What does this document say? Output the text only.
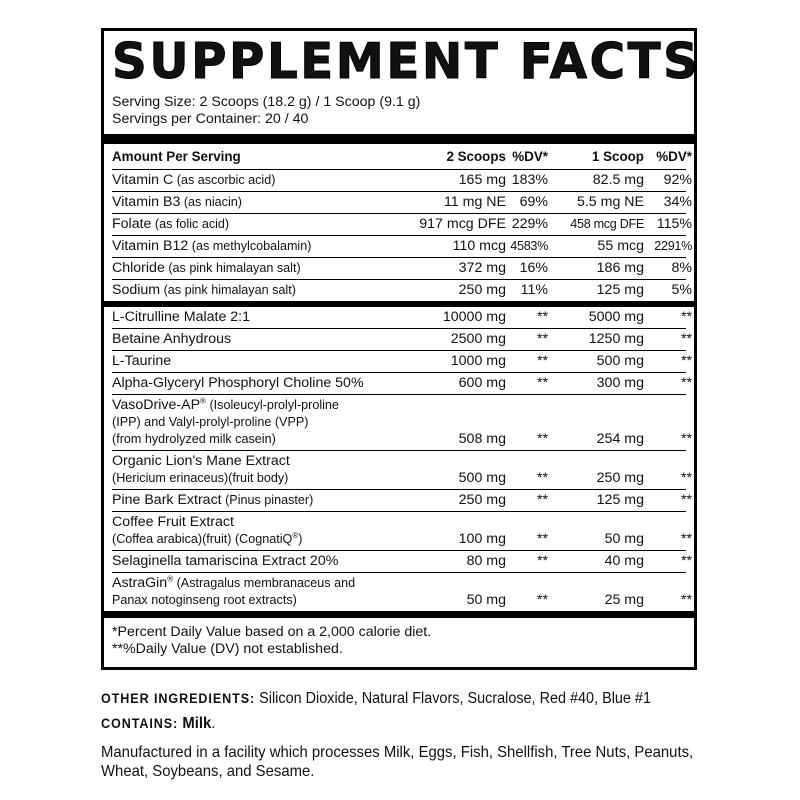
SUPPLEMENT FACTS
Serving Size: 2 Scoops (18.2 g) / 1 Scoop (9.1 g)
Servings per Container: 20 / 40
Amount Per Serving	2 Scoops %DV*	1 Scoop %DV*
Vitamin C (as ascorbic acid)	165 mg 183%	82.5 mg	92%
Vitamin B3 (as niacin)	11 mg NE 69%	5.5 mg NE	34%
Folate (as folic acid)	917 mcg DFE 229%	458 mcg DFE 115%
Vitamin B12 (as methylcobalamin)	110 mcg 4583%	55 mcg 2291%
Chloride (as pink himalayan salt)	372 mg 16%	186 mg	8%
Sodium (as pink himalayan salt)	250 mg	11%	125 mg	5%
L-Citrulline Malate 2:1	10000 mg	**	5000 mg	**
Betaine Anhydrous	2500 mg	**	1250 mg	**
L-Taurine	1000 mg	**	500 mg	**
Alpha-Glyceryl Phosphoryl Choline 50%	600 mg	**	300 mg	**
VasoDrive-AP® (Isoleucyl-prolyl-proline
(IPP) and Valyl-prolyl-proline (VPP)
(from hydrolyzed milk casein)	508 mg	**	254 mg	**
Organic Lion's Mane Extract
(Hericium erinaceus)(fruit body)	500 mg	**	250 mg	**
Pine Bark Extract (Pinus pinaster)	250 mg	**	125 mg	**
Coffee Fruit Extract
(Coffea arabica)(fruit) (CognatiQ®)	100 mg	**	50 mg	**
Selaginella tamariscina Extract 20%	80 mg	**	40 mg	**
AstraGin® (Astragalus membranaceus and
Panax notoginseng root extracts)	50 mg	**	25 mg	**
*Percent Daily Value based on a 2,000 calorie diet.
**%Daily Value (DV) not established.
OTHER INGREDIENTS: Silicon Dioxide, Natural Flavors, Sucralose, Red #40, Blue #1
CONTAINS: Milk.
Manufactured in a facility which processes Milk, Eggs, Fish, Shellfish, Tree Nuts, Peanuts, Wheat, Soybeans, and Sesame.
